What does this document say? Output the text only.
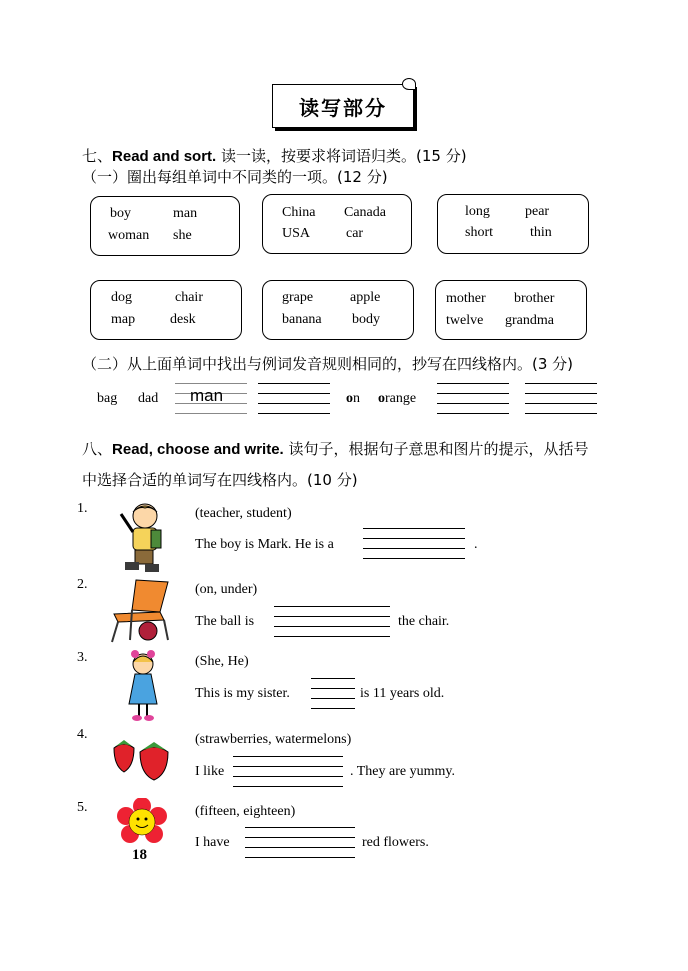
读写部分
七、Read and sort. 读一读，按要求将词语归类。(15 分)
（一）圈出每组单词中不同类的一项。(12 分)
boy	man
woman she
China Canada
USA	car
long	pear
short	thin
dog	chair
map desk
grape	apple
banana body
mother brother
twelve grandma
（二）从上面单词中找出与例词发音规则相同的，抄写在四线格内。(3 分)
bag dad man	on orange
八、Read, choose and write. 读句子，根据句子意思和图片的提示，从括号
中选择合适的单词写在四线格内。(10 分)
1.	(teacher, student)
The boy is Mark. He is a	.
2.	(on, under)
The ball is	the chair.
3.	(She, He)
This is my sister.	is 11 years old.
4.	(strawberries, watermelons)
I like	. They are yummy.
5.
18
(fifteen, eighteen)
I have	red flowers.
